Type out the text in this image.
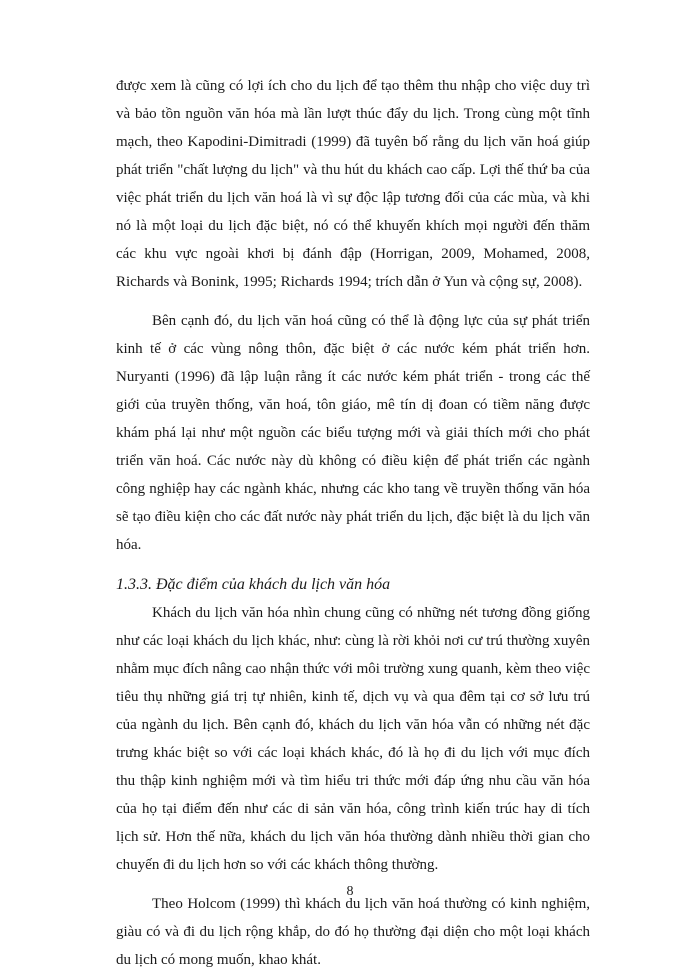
được xem là cũng có lợi ích cho du lịch để tạo thêm thu nhập cho việc duy trì và bảo tồn nguồn văn hóa mà lần lượt thúc đẩy du lịch. Trong cùng một tĩnh mạch, theo Kapodini-Dimitradi (1999) đã tuyên bố rằng du lịch văn hoá giúp phát triển "chất lượng du lịch" và thu hút du khách cao cấp. Lợi thế thứ ba của việc phát triển du lịch văn hoá là vì sự độc lập tương đối của các mùa, và khi nó là một loại du lịch đặc biệt, nó có thể khuyến khích mọi người đến thăm các khu vực ngoài khơi bị đánh đập (Horrigan, 2009, Mohamed, 2008, Richards và Bonink, 1995; Richards 1994; trích dẫn ở Yun và cộng sự, 2008).

Bên cạnh đó, du lịch văn hoá cũng có thể là động lực của sự phát triển kinh tế ở các vùng nông thôn, đặc biệt ở các nước kém phát triển hơn. Nuryanti (1996) đã lập luận rằng ít các nước kém phát triển - trong các thế giới của truyền thống, văn hoá, tôn giáo, mê tín dị đoan có tiềm năng được khám phá lại như một nguồn các biểu tượng mới và giải thích mới cho phát triển văn hoá. Các nước này dù không có điều kiện để phát triển các ngành công nghiệp hay các ngành khác, nhưng các kho tang về truyền thống văn hóa sẽ tạo điều kiện cho các đất nước này phát triển du lịch, đặc biệt là du lịch văn hóa.

1.3.3. Đặc điểm của khách du lịch văn hóa

Khách du lịch văn hóa nhìn chung cũng có những nét tương đồng giống như các loại khách du lịch khác, như: cùng là rời khỏi nơi cư trú thường xuyên nhằm mục đích nâng cao nhận thức với môi trường xung quanh, kèm theo việc tiêu thụ những giá trị tự nhiên, kinh tế, dịch vụ và qua đêm tại cơ sở lưu trú của ngành du lịch. Bên cạnh đó, khách du lịch văn hóa vẫn có những nét đặc trưng khác biệt so với các loại khách khác, đó là họ đi du lịch với mục đích thu thập kinh nghiệm mới và tìm hiểu tri thức mới đáp ứng nhu cầu văn hóa của họ tại điểm đến như các di sản văn hóa, công trình kiến trúc hay di tích lịch sử. Hơn thế nữa, khách du lịch văn hóa thường dành nhiều thời gian cho chuyến đi du lịch hơn so với các khách thông thường.

Theo Holcom (1999) thì khách du lịch văn hoá thường có kinh nghiệm, giàu có và đi du lịch rộng khắp, do đó họ thường đại diện cho một loại khách du lịch có mong muốn, khao khát.

8
